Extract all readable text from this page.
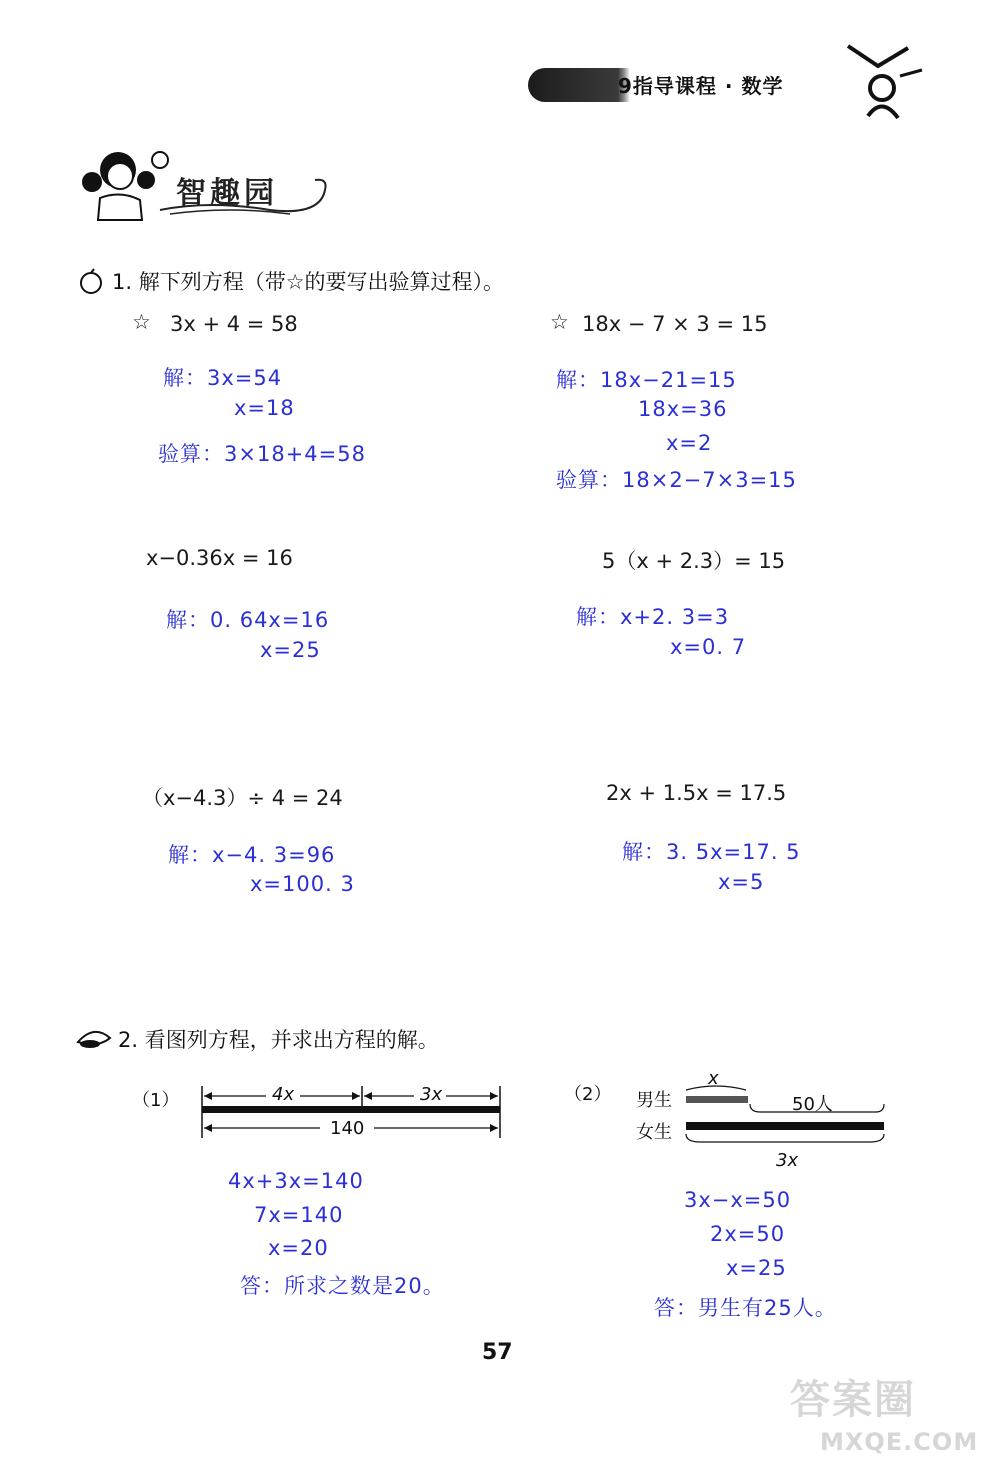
9指导课程 · 数学
智趣园
1. 解下列方程（带☆的要写出验算过程）。
☆ 3x + 4 = 58
解：3x=54
x=18
验算：3×18+4=58
☆ 18x − 7 × 3 = 15
解：18x−21=15
18x=36
x=2
验算：18×2−7×3=15
x−0.36x = 16
解：0. 64x=16
x=25
5（x + 2.3）= 15
解：x+2. 3=3
x=0. 7
（x−4.3）÷ 4 = 24
解：x−4. 3=96
x=100. 3
2x + 1.5x = 17.5
解：3. 5x=17. 5
x=5
2. 看图列方程，并求出方程的解。
（1）	4x	3x
140
4x+3x=140
7x=140
x=20
答：所求之数是20。
（2） 男生
女生
x
50人
3x
3x−x=50
2x=50
x=25
答：男生有25人。
57
答案圈
MXQE.COM
